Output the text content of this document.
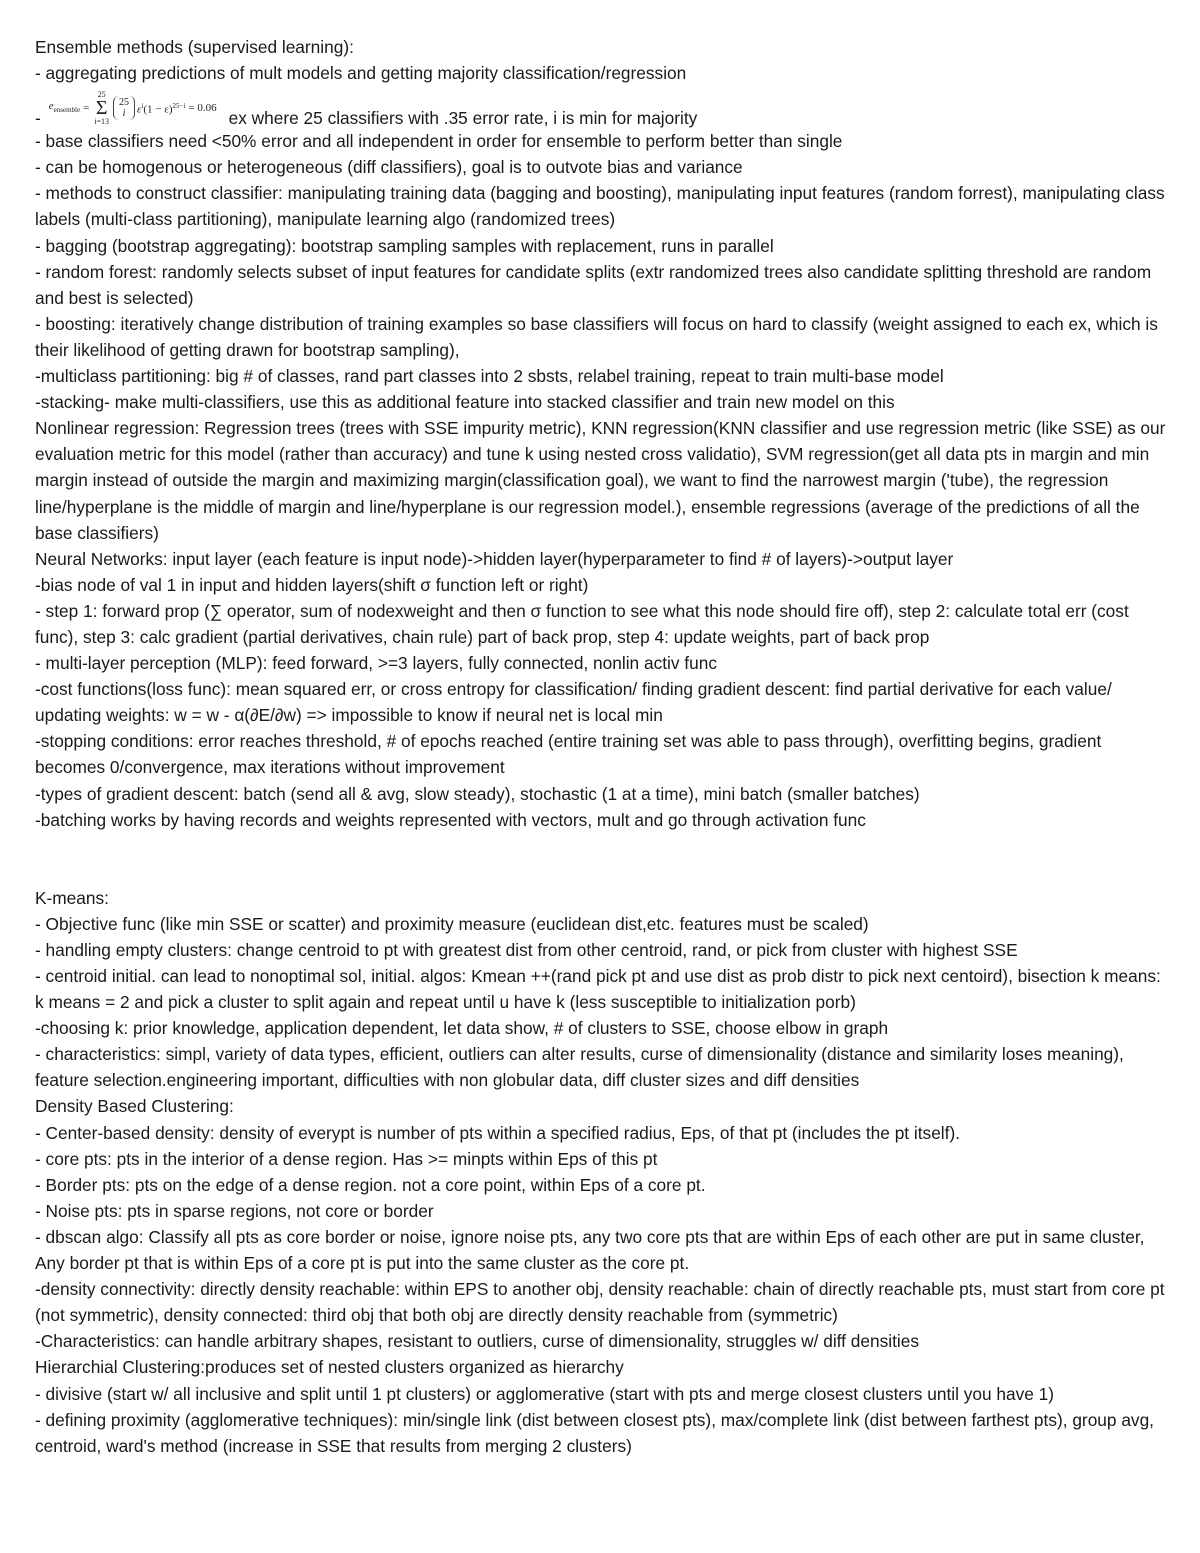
Ensemble methods (supervised learning):

- aggregating predictions of mult models and getting majority classification/regression

-
$e_{ensemble}$ =
25
Σ
i=13
25
i $\varepsilon^i$ $(1 - \varepsilon)^{25-i} = 0.06$ ex where 25 classifiers with .35 error rate, i is min for majority

- base classifiers need <50% error and all independent in order for ensemble to perform better than single

- can be homogenous or heterogeneous (diff classifiers), goal is to outvote bias and variance

- methods to construct classifier: manipulating training data (bagging and boosting), manipulating input features (random forrest), manipulating class labels (multi-class partitioning), manipulate learning algo (randomized trees)

- bagging (bootstrap aggregating): bootstrap sampling samples with replacement, runs in parallel

- random forest: randomly selects subset of input features for candidate splits (extr randomized trees also candidate splitting threshold are random and best is selected)

- boosting: iteratively change distribution of training examples so base classifiers will focus on hard to classify (weight assigned to each ex, which is their likelihood of getting drawn for bootstrap sampling),

-multiclass partitioning: big # of classes, rand part classes into 2 sbsts, relabel training, repeat to train multi-base model

-stacking- make multi-classifiers, use this as additional feature into stacked classifier and train new model on this

Nonlinear regression: Regression trees (trees with SSE impurity metric), KNN regression(KNN classifier and use regression metric (like SSE) as our evaluation metric for this model (rather than accuracy) and tune k using nested cross validatio), SVM regression(get all data pts in margin and min margin instead of outside the margin and maximizing margin(classification goal), we want to find the narrowest margin ('tube), the regression line/hyperplane is the middle of margin and line/hyperplane is our regression model.), ensemble regressions (average of the predictions of all the base classifiers)

Neural Networks: input layer (each feature is input node)->hidden layer(hyperparameter to find # of layers)->output layer

-bias node of val 1 in input and hidden layers(shift σ function left or right)

- step 1: forward prop (∑ operator, sum of nodexweight and then σ function to see what this node should fire off), step 2: calculate total err (cost func), step 3: calc gradient (partial derivatives, chain rule) part of back prop, step 4: update weights, part of back prop

- multi-layer perception (MLP): feed forward, >=3 layers, fully connected, nonlin activ func

-cost functions(loss func): mean squared err, or cross entropy for classification/ finding gradient descent: find partial derivative for each value/ updating weights: w = w - α(∂E/∂w) => impossible to know if neural net is local min

-stopping conditions: error reaches threshold, # of epochs reached (entire training set was able to pass through), overfitting begins, gradient becomes 0/convergence, max iterations without improvement

-types of gradient descent: batch (send all & avg, slow steady), stochastic (1 at a time), mini batch (smaller batches)

-batching works by having records and weights represented with vectors, mult and go through activation func

K-means:

- Objective func (like min SSE or scatter) and proximity measure (euclidean dist,etc. features must be scaled)

- handling empty clusters: change centroid to pt with greatest dist from other centroid, rand, or pick from cluster with highest SSE

- centroid initial. can lead to nonoptimal sol, initial. algos: Kmean ++(rand pick pt and use dist as prob distr to pick next centoird), bisection k means: k means = 2 and pick a cluster to split again and repeat until u have k (less susceptible to initialization porb)

-choosing k: prior knowledge, application dependent, let data show, # of clusters to SSE, choose elbow in graph

- characteristics: simpl, variety of data types, efficient, outliers can alter results, curse of dimensionality (distance and similarity loses meaning), feature selection.engineering important, difficulties with non globular data, diff cluster sizes and diff densities

Density Based Clustering:

- Center-based density: density of everypt is number of pts within a specified radius, Eps, of that pt (includes the pt itself).

- core pts: pts in the interior of a dense region. Has >= minpts within Eps of this pt

- Border pts: pts on the edge of a dense region. not a core point, within Eps of a core pt.

- Noise pts: pts in sparse regions, not core or border

- dbscan algo: Classify all pts as core border or noise, ignore noise pts, any two core pts that are within Eps of each other are put in same cluster, Any border pt that is within Eps of a core pt is put into the same cluster as the core pt.

-density connectivity: directly density reachable: within EPS to another obj, density reachable: chain of directly reachable pts, must start from core pt (not symmetric), density connected: third obj that both obj are directly density reachable from (symmetric)

-Characteristics: can handle arbitrary shapes, resistant to outliers, curse of dimensionality, struggles w/ diff densities

Hierarchial Clustering:produces set of nested clusters organized as hierarchy

- divisive (start w/ all inclusive and split until 1 pt clusters) or agglomerative (start with pts and merge closest clusters until you have 1)

- defining proximity (agglomerative techniques): min/single link (dist between closest pts), max/complete link (dist between farthest pts), group avg, centroid, ward's method (increase in SSE that results from merging 2 clusters)
